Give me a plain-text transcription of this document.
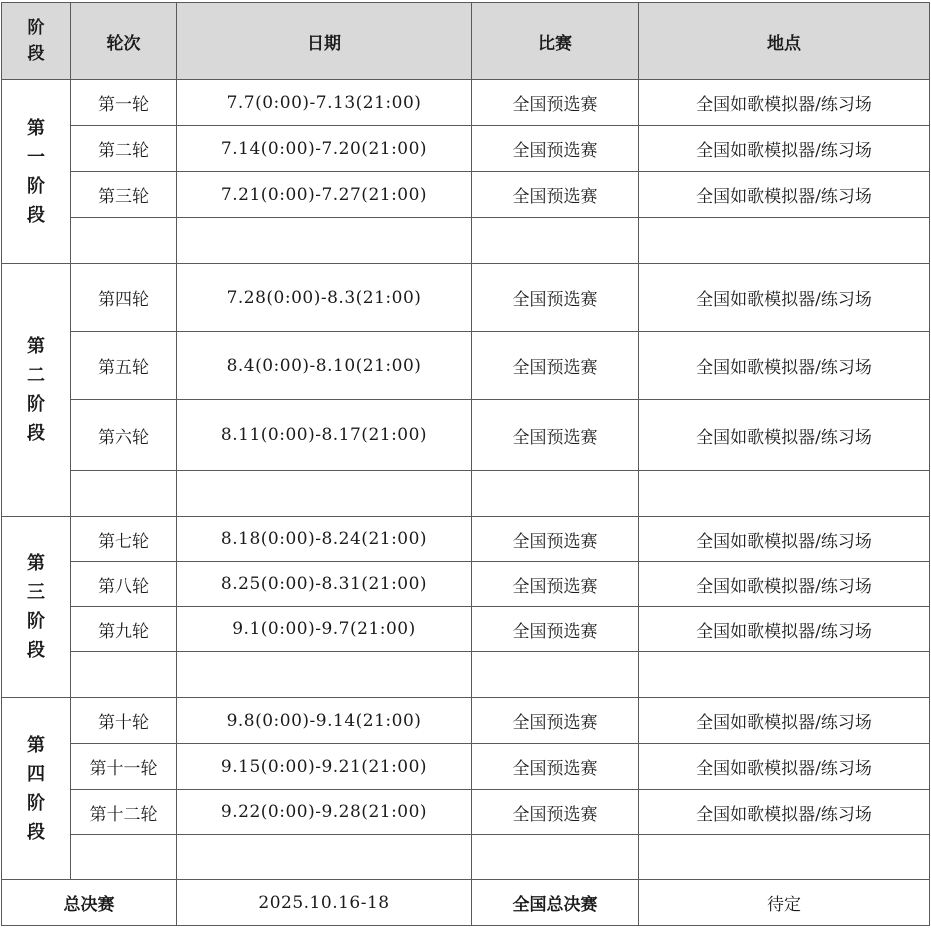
阶段	轮次	日期	比赛	地点
第一阶段	第一轮	7.7(0:00)-7.13(21:00)	全国预选赛	全国如歌模拟器/练习场
	第二轮	7.14(0:00)-7.20(21:00)	全国预选赛	全国如歌模拟器/练习场
	第三轮	7.21(0:00)-7.27(21:00)	全国预选赛	全国如歌模拟器/练习场

第二阶段	第四轮	7.28(0:00)-8.3(21:00)	全国预选赛	全国如歌模拟器/练习场
	第五轮	8.4(0:00)-8.10(21:00)	全国预选赛	全国如歌模拟器/练习场
	第六轮	8.11(0:00)-8.17(21:00)	全国预选赛	全国如歌模拟器/练习场

第三阶段	第七轮	8.18(0:00)-8.24(21:00)	全国预选赛	全国如歌模拟器/练习场
	第八轮	8.25(0:00)-8.31(21:00)	全国预选赛	全国如歌模拟器/练习场
	第九轮	9.1(0:00)-9.7(21:00)	全国预选赛	全国如歌模拟器/练习场

第四阶段	第十轮	9.8(0:00)-9.14(21:00)	全国预选赛	全国如歌模拟器/练习场
	第十一轮	9.15(0:00)-9.21(21:00)	全国预选赛	全国如歌模拟器/练习场
	第十二轮	9.22(0:00)-9.28(21:00)	全国预选赛	全国如歌模拟器/练习场

总决赛		2025.10.16-18	全国总决赛	待定
